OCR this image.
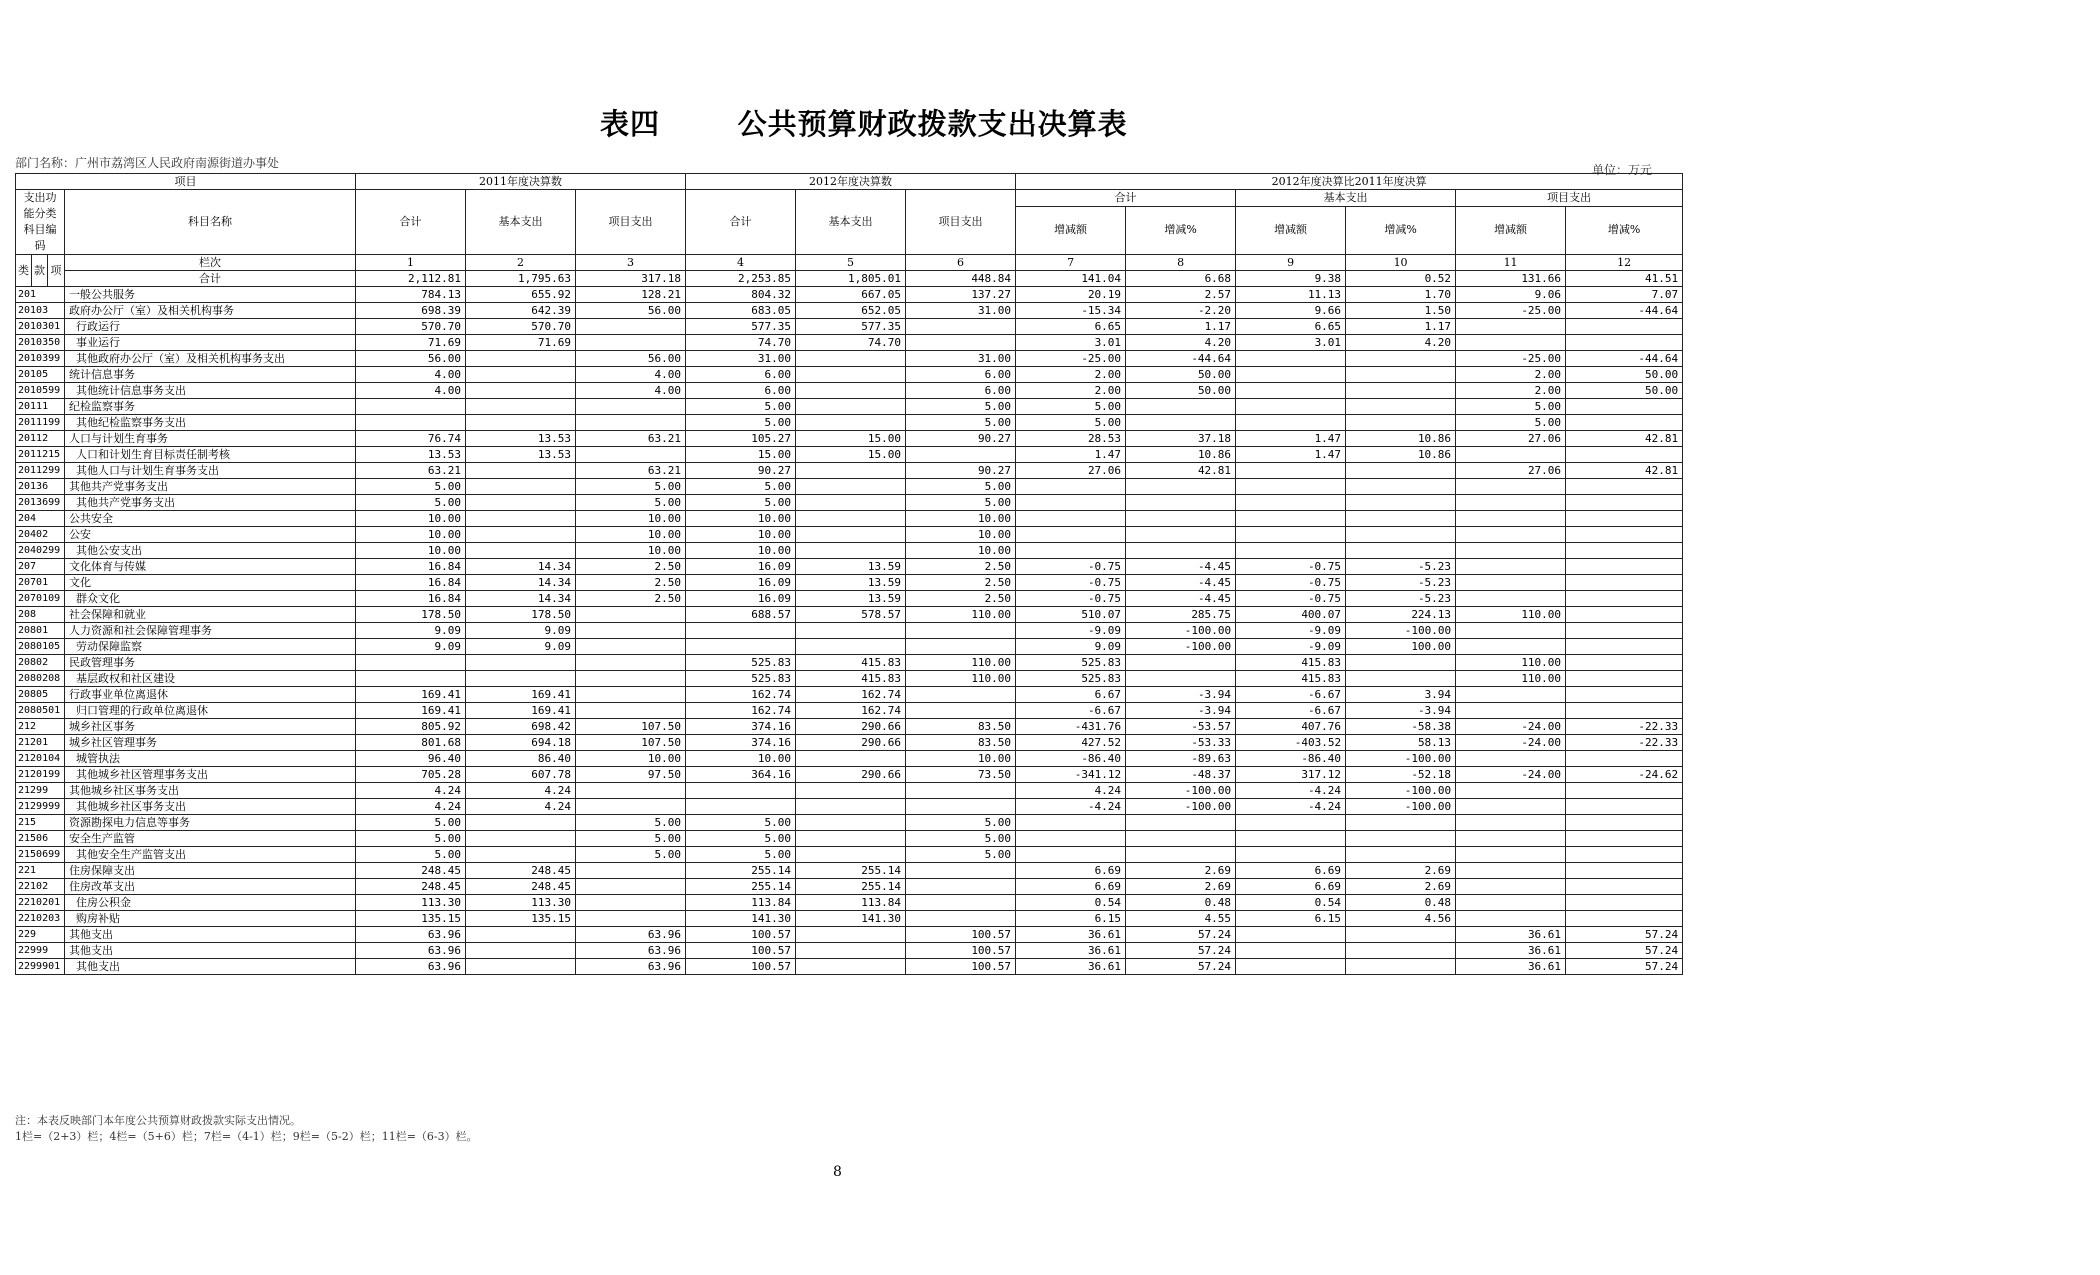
表四       公共预算财政拨款支出决算表
部门名称：广州市荔湾区人民政府南源街道办事处	单位：万元
项目				2011年度决算数			2012年度决算数			2012年度决算比2011年度决算					
支出功能分类科目编码			科目名称	合计	基本支出	项目支出	合计	基本支出	项目支出	合计		基本支出		项目支出	
										增减额	增减%	增减额	增减%	增减额	增减%
类	款	项	栏次	1	2	3	4	5	6	7	8	9	10	11	12
			合计	2,112.81	1,795.63	317.18	2,253.85	1,805.01	448.84	141.04	6.68	9.38	0.52	131.66	41.51
201			一般公共服务	784.13	655.92	128.21	804.32	667.05	137.27	20.19	2.57	11.13	1.70	9.06	7.07
20103			政府办公厅（室）及相关机构事务	698.39	642.39	56.00	683.05	652.05	31.00	-15.34	-2.20	9.66	1.50	-25.00	-44.64
2010301			行政运行	570.70	570.70		577.35	577.35		6.65	1.17	6.65	1.17		
2010350			事业运行	71.69	71.69		74.70	74.70		3.01	4.20	3.01	4.20		
2010399			其他政府办公厅（室）及相关机构事务支出	56.00		56.00	31.00		31.00	-25.00	-44.64			-25.00	-44.64
20105			统计信息事务	4.00		4.00	6.00		6.00	2.00	50.00			2.00	50.00
2010599			其他统计信息事务支出	4.00		4.00	6.00		6.00	2.00	50.00			2.00	50.00
20111			纪检监察事务				5.00		5.00	5.00				5.00	
2011199			其他纪检监察事务支出				5.00		5.00	5.00				5.00	
20112			人口与计划生育事务	76.74	13.53	63.21	105.27	15.00	90.27	28.53	37.18	1.47	10.86	27.06	42.81
2011215			人口和计划生育目标责任制考核	13.53	13.53		15.00	15.00		1.47	10.86	1.47	10.86		
2011299			其他人口与计划生育事务支出	63.21		63.21	90.27		90.27	27.06	42.81			27.06	42.81
20136			其他共产党事务支出	5.00		5.00	5.00		5.00						
2013699			其他共产党事务支出	5.00		5.00	5.00		5.00						
204			公共安全	10.00		10.00	10.00		10.00						
20402			公安	10.00		10.00	10.00		10.00						
2040299			其他公安支出	10.00		10.00	10.00		10.00						
207			文化体育与传媒	16.84	14.34	2.50	16.09	13.59	2.50	-0.75	-4.45	-0.75	-5.23		
20701			文化	16.84	14.34	2.50	16.09	13.59	2.50	-0.75	-4.45	-0.75	-5.23		
2070109			群众文化	16.84	14.34	2.50	16.09	13.59	2.50	-0.75	-4.45	-0.75	-5.23		
208			社会保障和就业	178.50	178.50		688.57	578.57	110.00	510.07	285.75	400.07	224.13	110.00	
20801			人力资源和社会保障管理事务	9.09	9.09					-9.09	-100.00	-9.09	-100.00		
2080105			劳动保障监察	9.09	9.09					9.09	-100.00	-9.09	100.00		
20802			民政管理事务				525.83	415.83	110.00	525.83		415.83		110.00	
2080208			基层政权和社区建设				525.83	415.83	110.00	525.83		415.83		110.00	
20805			行政事业单位离退休	169.41	169.41		162.74	162.74		6.67	-3.94	-6.67	3.94		
2080501			归口管理的行政单位离退休	169.41	169.41		162.74	162.74		-6.67	-3.94	-6.67	-3.94		
212			城乡社区事务	805.92	698.42	107.50	374.16	290.66	83.50	-431.76	-53.57	407.76	-58.38	-24.00	-22.33
21201			城乡社区管理事务	801.68	694.18	107.50	374.16	290.66	83.50	427.52	-53.33	-403.52	58.13	-24.00	-22.33
2120104			城管执法	96.40	86.40	10.00	10.00		10.00	-86.40	-89.63	-86.40	-100.00		
2120199			其他城乡社区管理事务支出	705.28	607.78	97.50	364.16	290.66	73.50	-341.12	-48.37	317.12	-52.18	-24.00	-24.62
21299			其他城乡社区事务支出	4.24	4.24					4.24	-100.00	-4.24	-100.00		
2129999			其他城乡社区事务支出	4.24	4.24					-4.24	-100.00	-4.24	-100.00		
215			资源勘探电力信息等事务	5.00		5.00	5.00		5.00						
21506			安全生产监管	5.00		5.00	5.00		5.00						
2150699			其他安全生产监管支出	5.00		5.00	5.00		5.00						
221			住房保障支出	248.45	248.45		255.14	255.14		6.69	2.69	6.69	2.69		
22102			住房改革支出	248.45	248.45		255.14	255.14		6.69	2.69	6.69	2.69		
2210201			住房公积金	113.30	113.30		113.84	113.84		0.54	0.48	0.54	0.48		
2210203			购房补贴	135.15	135.15		141.30	141.30		6.15	4.55	6.15	4.56		
229			其他支出	63.96		63.96	100.57		100.57	36.61	57.24			36.61	57.24
22999			其他支出	63.96		63.96	100.57		100.57	36.61	57.24			36.61	57.24
2299901			其他支出	63.96		63.96	100.57		100.57	36.61	57.24			36.61	57.24
注：本表反映部门本年度公共预算财政拨款实际支出情况。
1栏=（2+3）栏；4栏=（5+6）栏；7栏=（4-1）栏；9栏=（5-2）栏；11栏=（6-3）栏。
8
